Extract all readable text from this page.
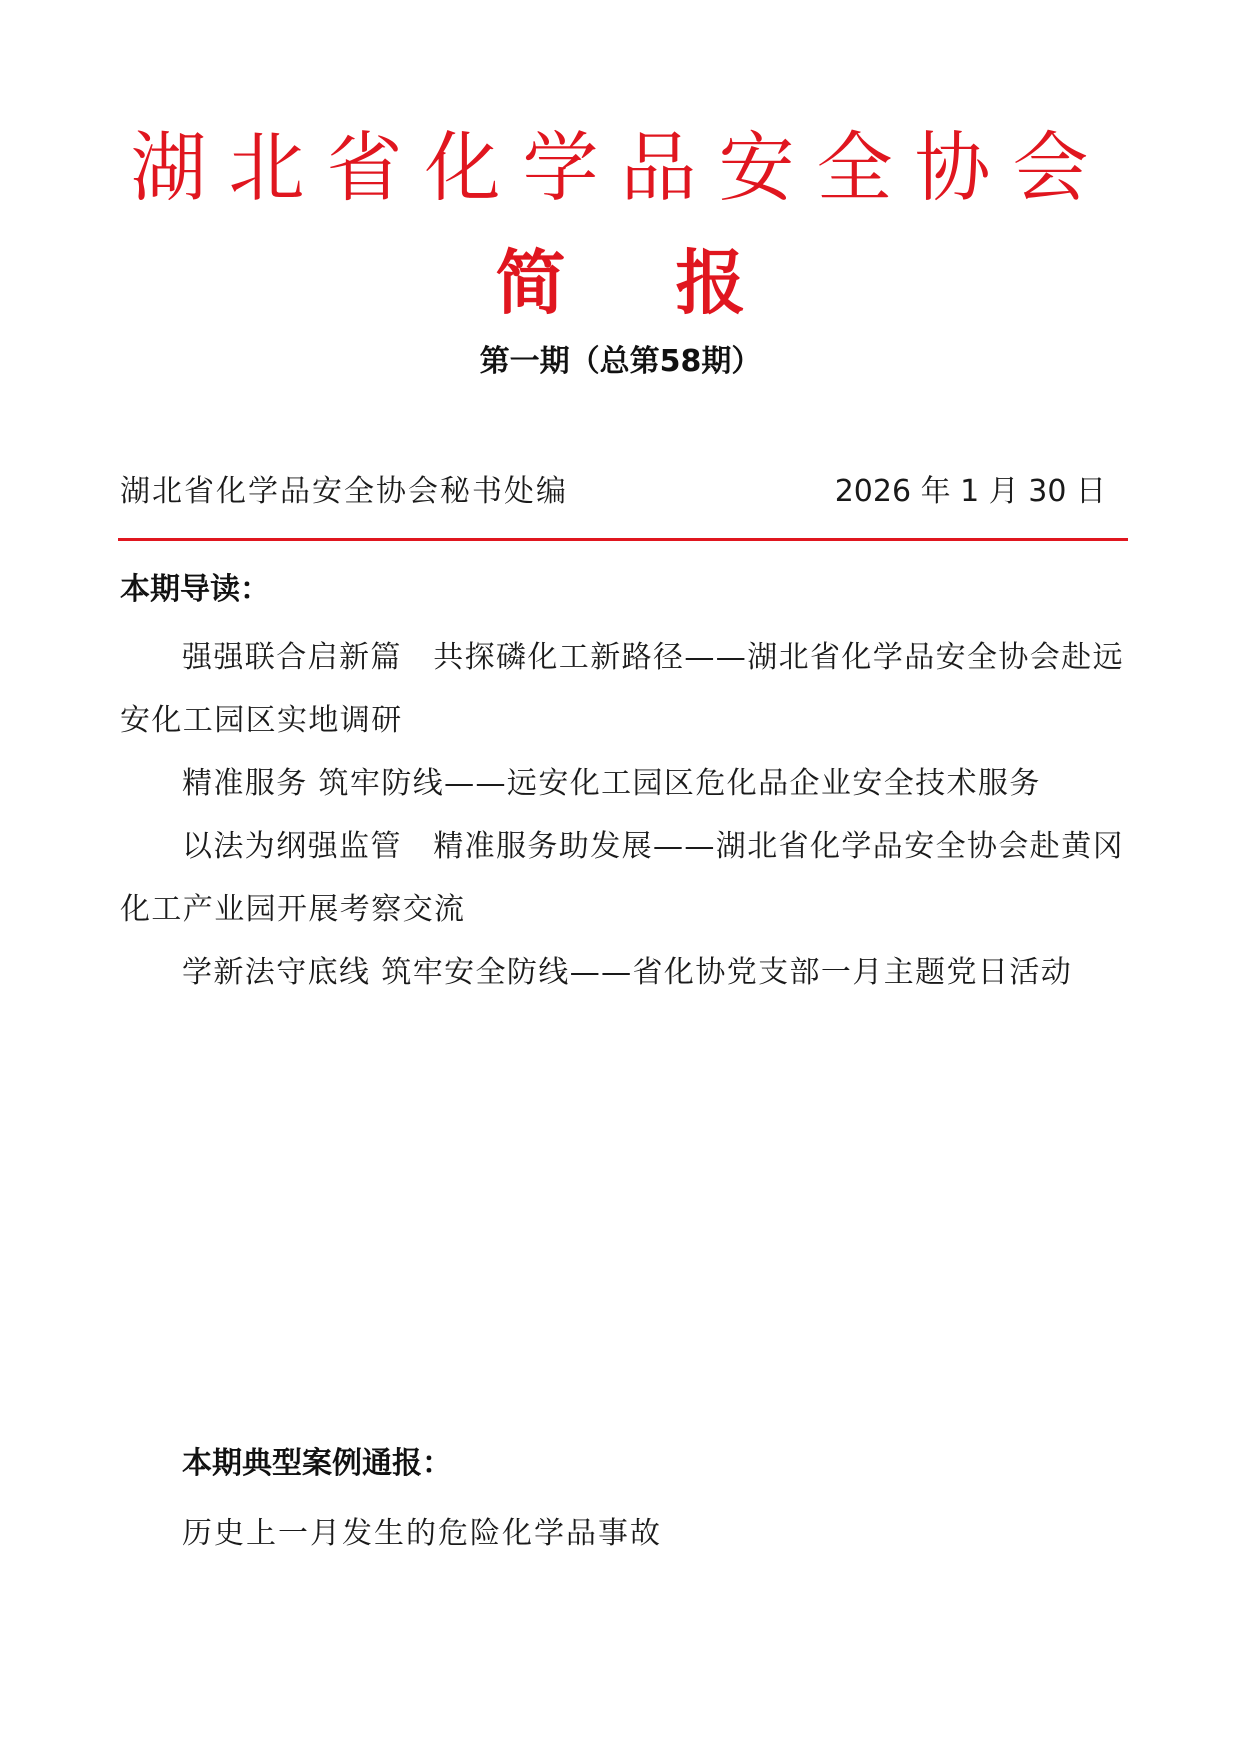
湖北省化学品安全协会
简 报
第一期（总第58期）
湖北省化学品安全协会秘书处编	2026 年 1 月 30 日
本期导读：

强强联合启新篇　共探磷化工新路径——湖北省化学品安全协会赴远安化工园区实地调研

精准服务 筑牢防线——远安化工园区危化品企业安全技术服务

以法为纲强监管　精准服务助发展——湖北省化学品安全协会赴黄冈化工产业园开展考察交流

学新法守底线 筑牢安全防线——省化协党支部一月主题党日活动

本期典型案例通报：
历史上一月发生的危险化学品事故
